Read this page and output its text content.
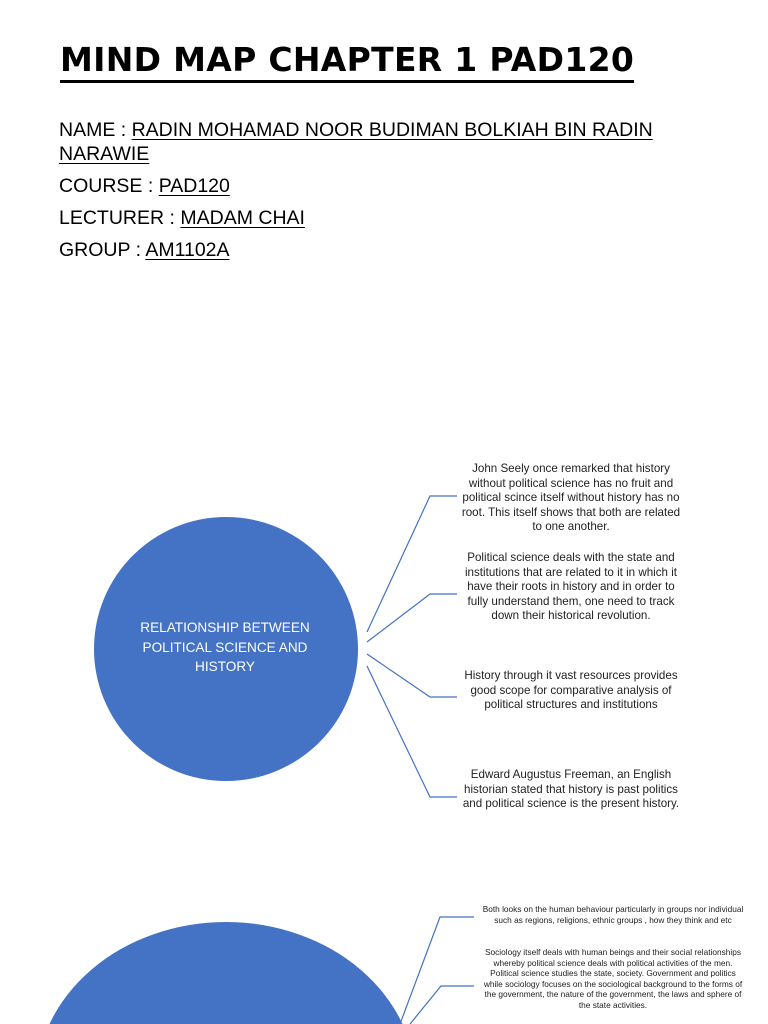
MIND MAP CHAPTER 1 PAD120
NAME : RADIN MOHAMAD NOOR BUDIMAN BOLKIAH BIN RADIN
NARAWIE
COURSE : PAD120
LECTURER : MADAM CHAI
GROUP : AM1102A
RELATIONSHIP BETWEEN POLITICAL SCIENCE AND HISTORY
John Seely once remarked that history without political science has no fruit and political scince itself without history has no root. This itself shows that both are related to one another.
Political science deals with the state and institutions that are related to it in which it have their roots in history and in order to fully understand them, one need to track down their historical revolution.
History through it vast resources provides good scope for comparative analysis of political structures and institutions
Edward Augustus Freeman, an English historian stated that history is past politics and political science is the present history.
Both looks on the human behaviour particularly in groups nor individual such as regions, religions, ethnic groups , how they think and etc
Sociology itself deals with human beings and their social relationships whereby political science deals with political activities of the men. Political science studies the state, society. Government and politics while sociology focuses on the sociological background to the forms of the government, the nature of the government, the laws and sphere of the state activities.
